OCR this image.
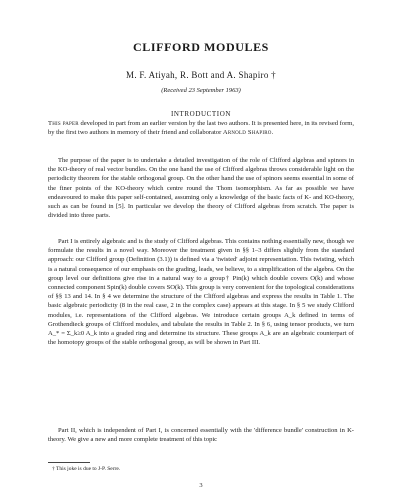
CLIFFORD MODULES
M. F. Atiyah, R. Bott and A. Shapiro †
(Received 23 September 1963)
INTRODUCTION

This paper developed in part from an earlier version by the last two authors. It is presented here, in its revised form, by the first two authors in memory of their friend and collaborator Arnold Shapiro.

The purpose of the paper is to undertake a detailed investigation of the role of Clifford algebras and spinors in the KO-theory of real vector bundles. On the one hand the use of Clifford algebras throws considerable light on the periodicity theorem for the stable orthogonal group. On the other hand the use of spinors seems essential in some of the finer points of the KO-theory which centre round the Thom isomorphism. As far as possible we have endeavoured to make this paper self-contained, assuming only a knowledge of the basic facts of K- and KO-theory, such as can be found in [5]. In particular we develop the theory of Clifford algebras from scratch. The paper is divided into three parts.

Part I is entirely algebraic and is the study of Clifford algebras. This contains nothing essentially new, though we formulate the results in a novel way. Moreover the treatment given in §§ 1–3 differs slightly from the standard approach: our Clifford group (Definition (3.1)) is defined via a 'twisted' adjoint representation. This twisting, which is a natural consequence of our emphasis on the grading, leads, we believe, to a simplification of the algebra. On the group level our definitions give rise in a natural way to a group† Pin(k) which double covers O(k) and whose connected component Spin(k) double covers SO(k). This group is very convenient for the topological considerations of §§ 13 and 14. In § 4 we determine the structure of the Clifford algebras and express the results in Table 1. The basic algebraic periodicity (8 in the real case, 2 in the complex case) appears at this stage. In § 5 we study Clifford modules, i.e. representations of the Clifford algebras. We introduce certain groups A_k defined in terms of Grothendieck groups of Clifford modules, and tabulate the results in Table 2. In § 6, using tensor products, we turn A_* = Σ_k≥0 A_k into a graded ring and determine its structure. These groups A_k are an algebraic counterpart of the homotopy groups of the stable orthogonal group, as will be shown in Part III.

Part II, which is independent of Part I, is concerned essentially with the 'difference bundle' construction in K-theory. We give a new and more complete treatment of this topic

† This joke is due to J-P. Serre.
3
